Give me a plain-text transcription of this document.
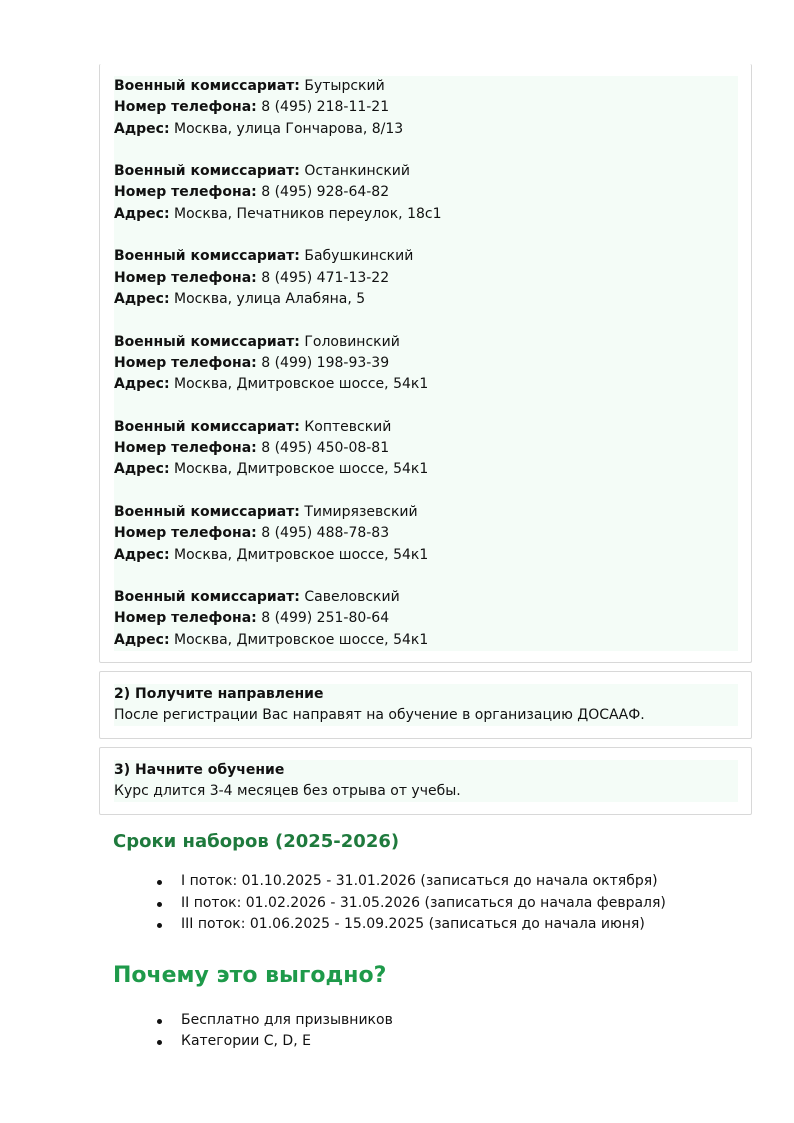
Военный комиссариат: Бутырский
Номер телефона: 8 (495) 218-11-21
Адрес: Москва, улица Гончарова, 8/13
Военный комиссариат: Останкинский
Номер телефона: 8 (495) 928-64-82
Адрес: Москва, Печатников переулок, 18с1
Военный комиссариат: Бабушкинский
Номер телефона: 8 (495) 471-13-22
Адрес: Москва, улица Алабяна, 5
Военный комиссариат: Головинский
Номер телефона: 8 (499) 198-93-39
Адрес: Москва, Дмитровское шоссе, 54к1
Военный комиссариат: Коптевский
Номер телефона: 8 (495) 450-08-81
Адрес: Москва, Дмитровское шоссе, 54к1
Военный комиссариат: Тимирязевский
Номер телефона: 8 (495) 488-78-83
Адрес: Москва, Дмитровское шоссе, 54к1
Военный комиссариат: Савеловский
Номер телефона: 8 (499) 251-80-64
Адрес: Москва, Дмитровское шоссе, 54к1
2) Получите направление
После регистрации Вас направят на обучение в организацию ДОСААФ.
3) Начните обучение
Курс длится 3-4 месяцев без отрыва от учебы.
Сроки наборов (2025-2026)
I поток: 01.10.2025 - 31.01.2026 (записаться до начала октября)
II поток: 01.02.2026 - 31.05.2026 (записаться до начала февраля)
III поток: 01.06.2025 - 15.09.2025 (записаться до начала июня)
Почему это выгодно?
Бесплатно для призывников
Категории C, D, E
